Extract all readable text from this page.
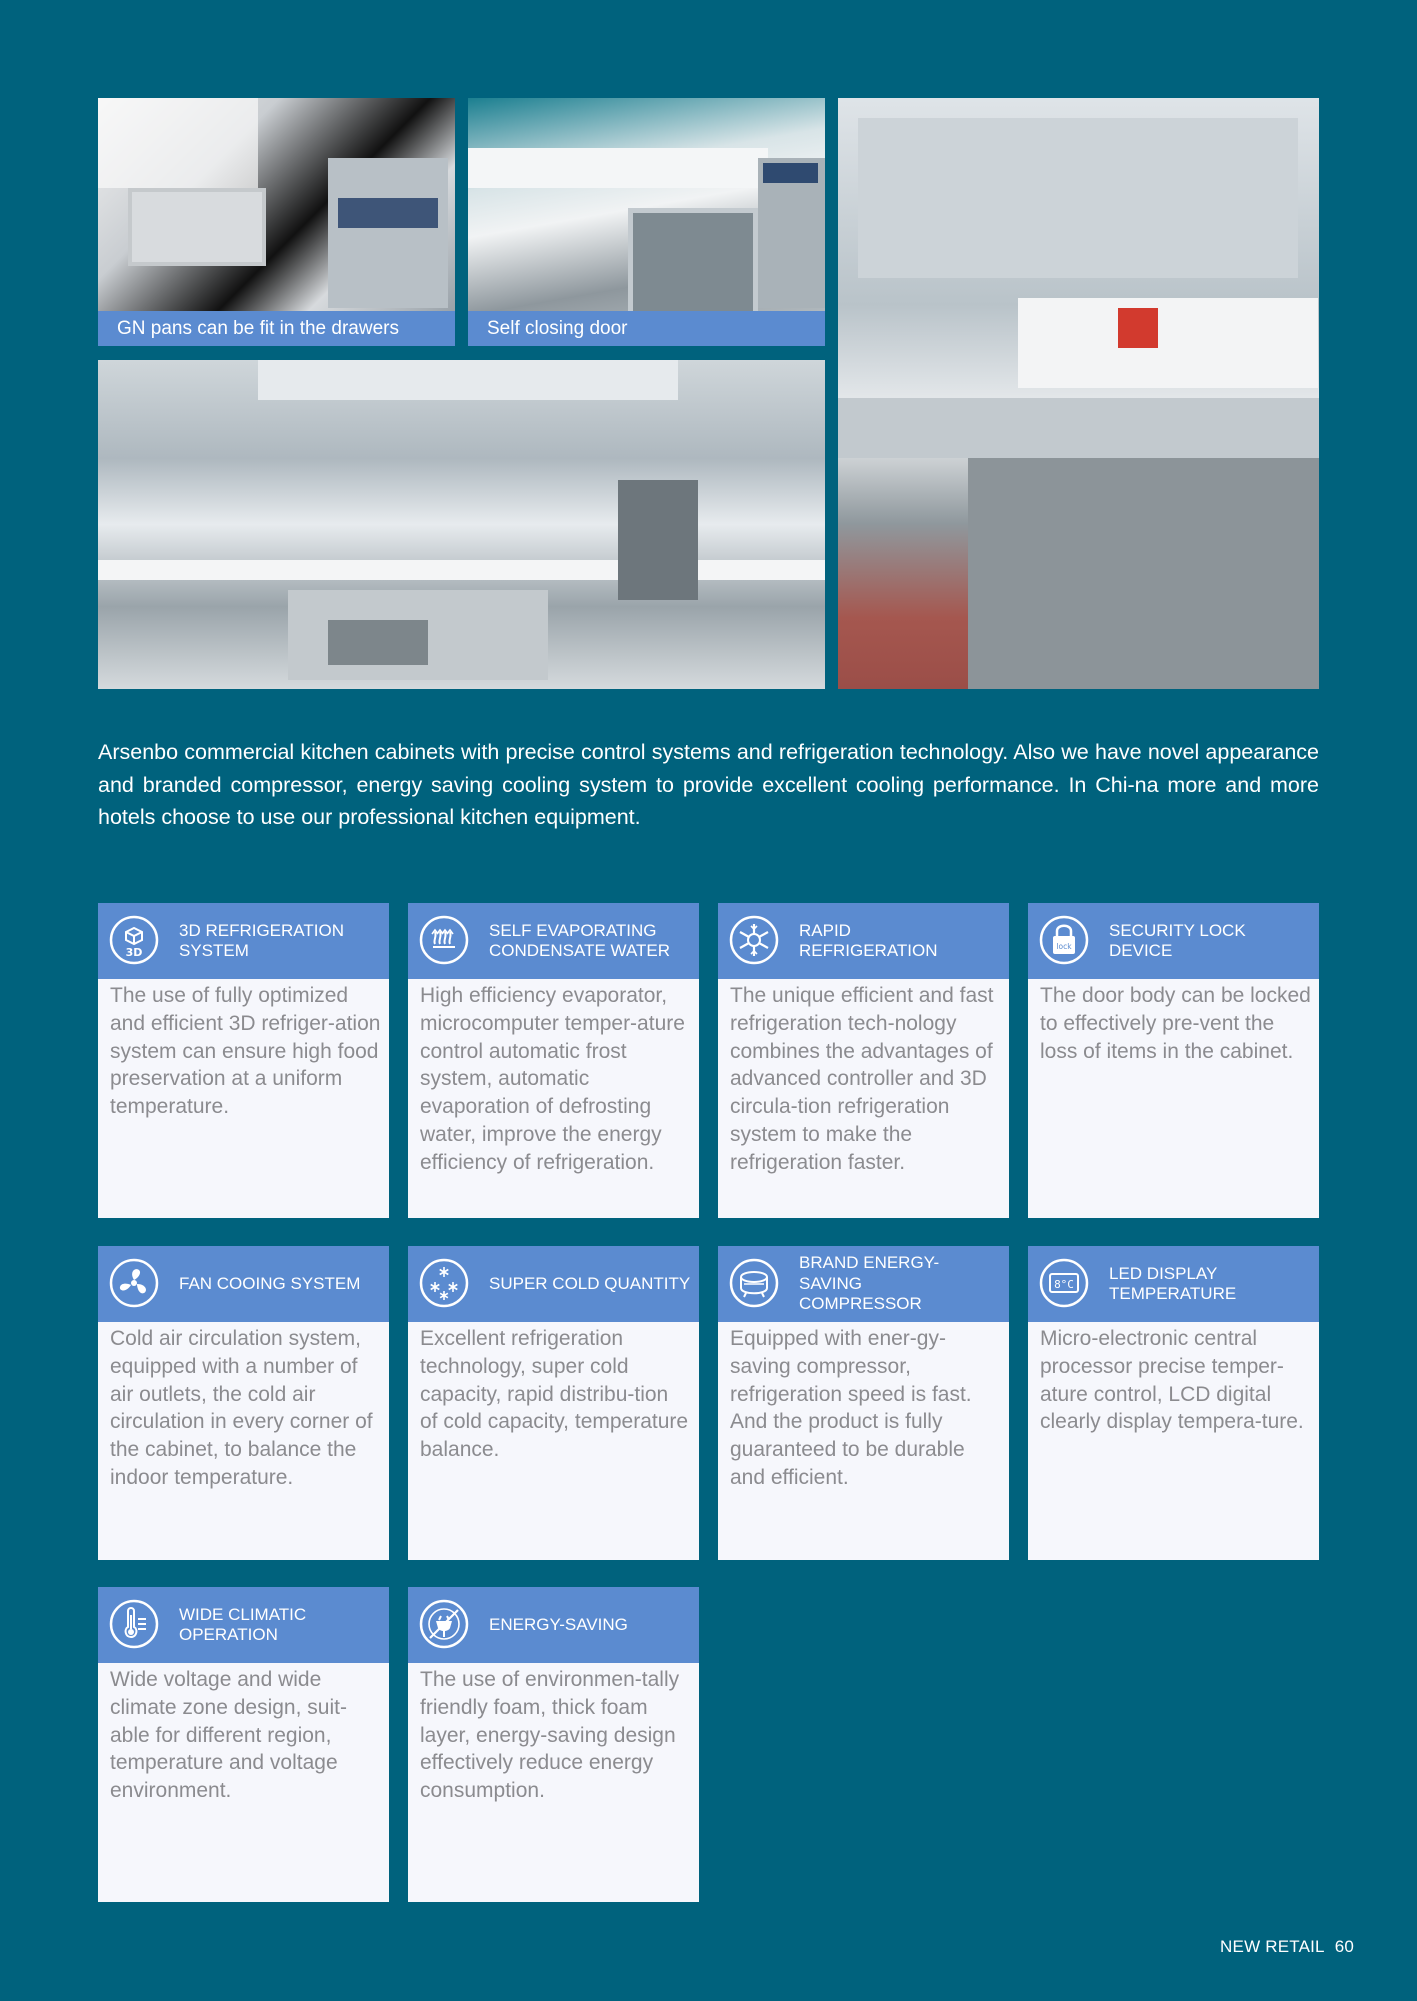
GN pans can be fit in the drawers	Self closing door

Arsenbo commercial kitchen cabinets with precise control systems and refrigeration technology. Also we have novel appearance and branded compressor, energy saving cooling system to provide excellent cooling performance. In Chi-na more and more hotels choose to use our professional kitchen equipment.

3D
3D REFRIGERATION
SYSTEM
The use of fully optimized and efficient 3D refriger-ation system can ensure high food preservation at a uniform temperature.
SELF EVAPORATING
CONDENSATE WATER
High efficiency evaporator, microcomputer temper-ature control automatic frost system, automatic evaporation of defrosting water, improve the energy efficiency of refrigeration.
RAPID
REFRIGERATION
The unique efficient and fast refrigeration tech-nology combines the advantages of advanced controller and 3D circula-tion refrigeration system to make the refrigeration faster.
lock
SECURITY LOCK
DEVICE
The door body can be locked to effectively pre-vent the loss of items in the cabinet.
FAN COOING SYSTEM
Cold air circulation system, equipped with a number of air outlets, the cold air circulation in every corner of the cabinet, to balance the indoor temperature.
SUPER COLD QUANTITY
Excellent refrigeration technology, super cold capacity, rapid distribu-tion of cold capacity, temperature balance.
BRAND ENERGY-
SAVING
COMPRESSOR
Equipped with ener-gy-saving compressor, refrigeration speed is fast. And the product is fully guaranteed to be durable and efficient.
8°C
LED DISPLAY
TEMPERATURE
Micro-electronic central processor precise temper-ature control, LCD digital clearly display tempera-ture.
WIDE CLIMATIC
OPERATION
Wide voltage and wide climate zone design, suit-able for different region, temperature and voltage environment.
ENERGY-SAVING
The use of environmen-tally friendly foam, thick foam layer, energy-saving design effectively reduce energy consumption.
NEW RETAIL 60
